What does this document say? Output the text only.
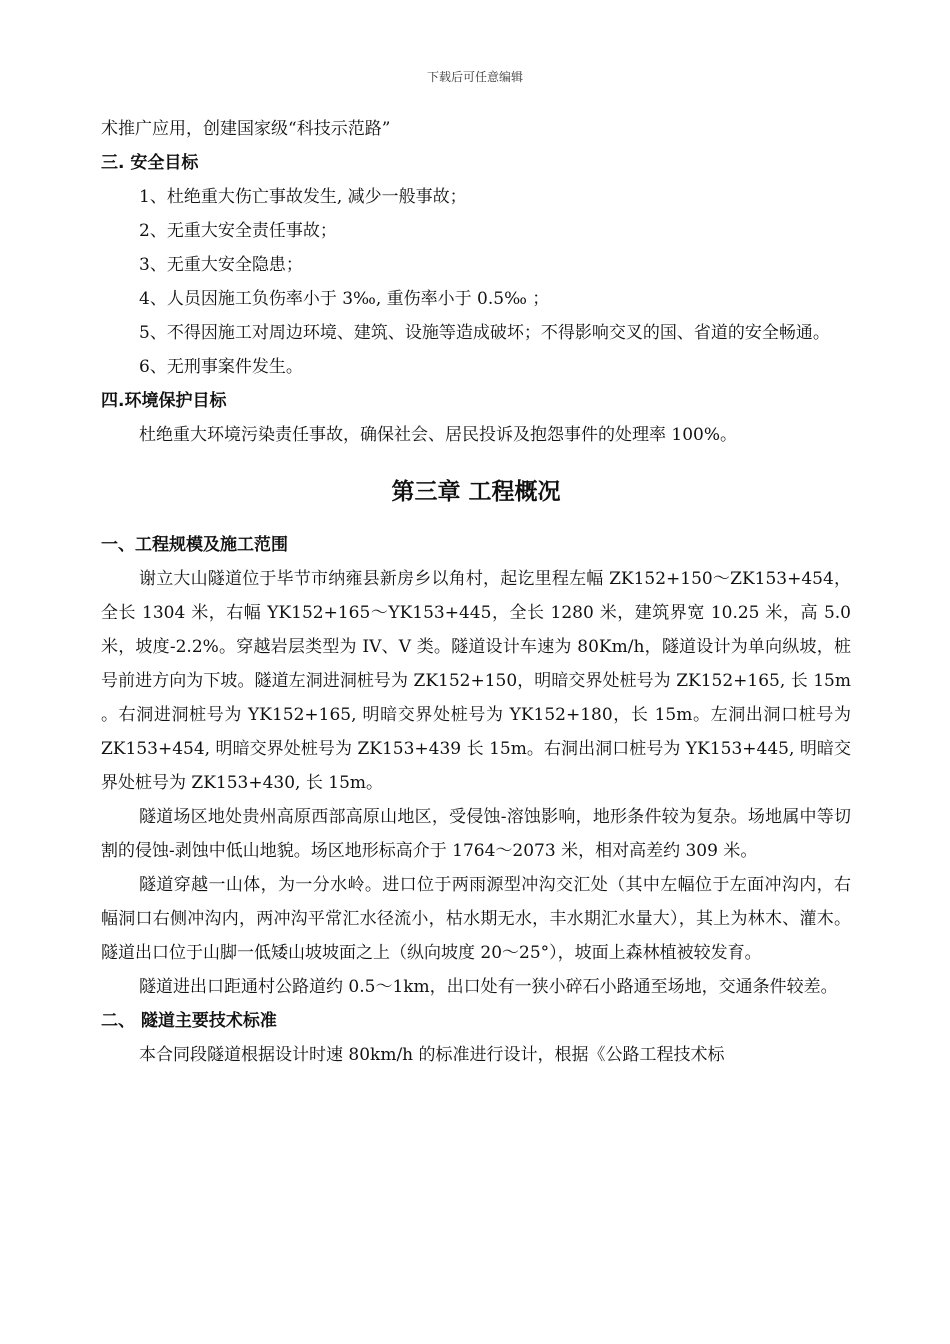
下载后可任意编辑

术推广应用，创建国家级“科技示范路”

三. 安全目标

1、杜绝重大伤亡事故发生, 减少一般事故；

2、无重大安全责任事故；

3、无重大安全隐患；

4、人员因施工负伤率小于 3‰, 重伤率小于 0.5‰ ；

5、不得因施工对周边环境、建筑、设施等造成破坏；不得影响交叉的国、省道的安全畅通。

6、无刑事案件发生。

四.环境保护目标

杜绝重大环境污染责任事故，确保社会、居民投诉及抱怨事件的处理率 100%。

第三章 工程概况
一、工程规模及施工范围

谢立大山隧道位于毕节市纳雍县新房乡以角村，起讫里程左幅 ZK152+150～ZK153+454，全长 1304 米，右幅 YK152+165～YK153+445，全长 1280 米，建筑界宽 10.25 米，高 5.0 米，坡度-2.2%。穿越岩层类型为 IV、V 类。隧道设计车速为 80Km/h，隧道设计为单向纵坡，桩号前进方向为下坡。隧道左洞进洞桩号为 ZK152+150，明暗交界处桩号为 ZK152+165, 长 15m 。右洞进洞桩号为 YK152+165, 明暗交界处桩号为 YK152+180，长 15m。左洞出洞口桩号为 ZK153+454, 明暗交界处桩号为 ZK153+439 长 15m。右洞出洞口桩号为 YK153+445, 明暗交界处桩号为 ZK153+430, 长 15m。

隧道场区地处贵州高原西部高原山地区，受侵蚀-溶蚀影响，地形条件较为复杂。场地属中等切割的侵蚀-剥蚀中低山地貌。场区地形标高介于 1764～2073 米，相对高差约 309 米。

隧道穿越一山体，为一分水岭。进口位于两雨源型冲沟交汇处（其中左幅位于左面冲沟内，右幅洞口右侧冲沟内，两冲沟平常汇水径流小，枯水期无水，丰水期汇水量大），其上为林木、灌木。隧道出口位于山脚一低矮山坡坡面之上（纵向坡度 20～25°），坡面上森林植被较发育。

隧道进出口距通村公路道约 0.5～1km，出口处有一狭小碎石小路通至场地，交通条件较差。

二、 隧道主要技术标准

本合同段隧道根据设计时速 80km/h 的标准进行设计，根据《公路工程技术标
